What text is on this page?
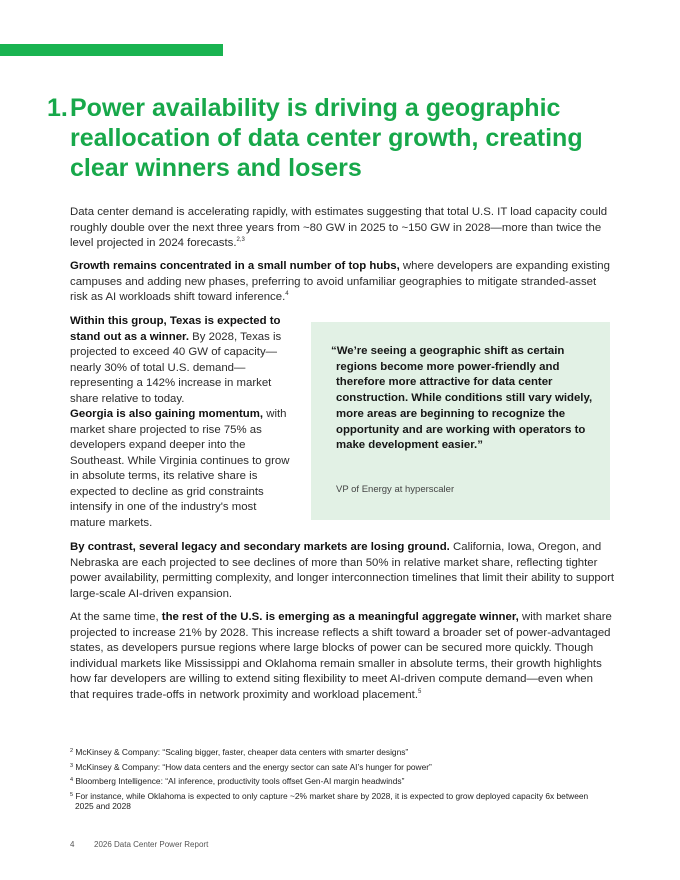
1. Power availability is driving a geographic reallocation of data center growth, creating clear winners and losers

Data center demand is accelerating rapidly, with estimates suggesting that total U.S. IT load capacity could roughly double over the next three years from ~80 GW in 2025 to ~150 GW in 2028—more than twice the level projected in 2024 forecasts.$^{2,3}$

Growth remains concentrated in a small number of top hubs, where developers are expanding existing campuses and adding new phases, preferring to avoid unfamiliar geographies to mitigate stranded-asset risk as AI workloads shift toward inference.$^4$

Within this group, Texas is expected to stand out as a winner. By 2028, Texas is projected to exceed 40 GW of capacity—nearly 30% of total U.S. demand—representing a 142% increase in market share relative to today.
Georgia is also gaining momentum, with market share projected to rise 75% as developers expand deeper into the Southeast. While Virginia continues to grow in absolute terms, its relative share is expected to decline as grid constraints intensify in one of the industry's most mature markets.

“We’re seeing a geographic shift as certain regions become more power-friendly and therefore more attractive for data center construction. While conditions still vary widely, more areas are beginning to recognize the opportunity and are working with operators to make development easier.”
VP of Energy at hyperscaler

By contrast, several legacy and secondary markets are losing ground. California, Iowa, Oregon, and Nebraska are each projected to see declines of more than 50% in relative market share, reflecting tighter power availability, permitting complexity, and longer interconnection timelines that limit their ability to support large-scale AI-driven expansion.

At the same time, the rest of the U.S. is emerging as a meaningful aggregate winner, with market share projected to increase 21% by 2028. This increase reflects a shift toward a broader set of power-advantaged states, as developers pursue regions where large blocks of power can be secured more quickly. Though individual markets like Mississippi and Oklahoma remain smaller in absolute terms, their growth highlights how far developers are willing to extend siting flexibility to meet AI-driven compute demand—even when that requires trade-offs in network proximity and workload placement.$^5$

$^2$ McKinsey & Company: “Scaling bigger, faster, cheaper data centers with smarter designs”
$^3$ McKinsey & Company: “How data centers and the energy sector can sate AI’s hunger for power”
$^4$ Bloomberg Intelligence: “AI inference, productivity tools offset Gen-AI margin headwinds”
$^5$ For instance, while Oklahoma is expected to only capture ~2% market share by 2028, it is expected to grow deployed capacity 6x between 2025 and 2028
4 2026 Data Center Power Report
